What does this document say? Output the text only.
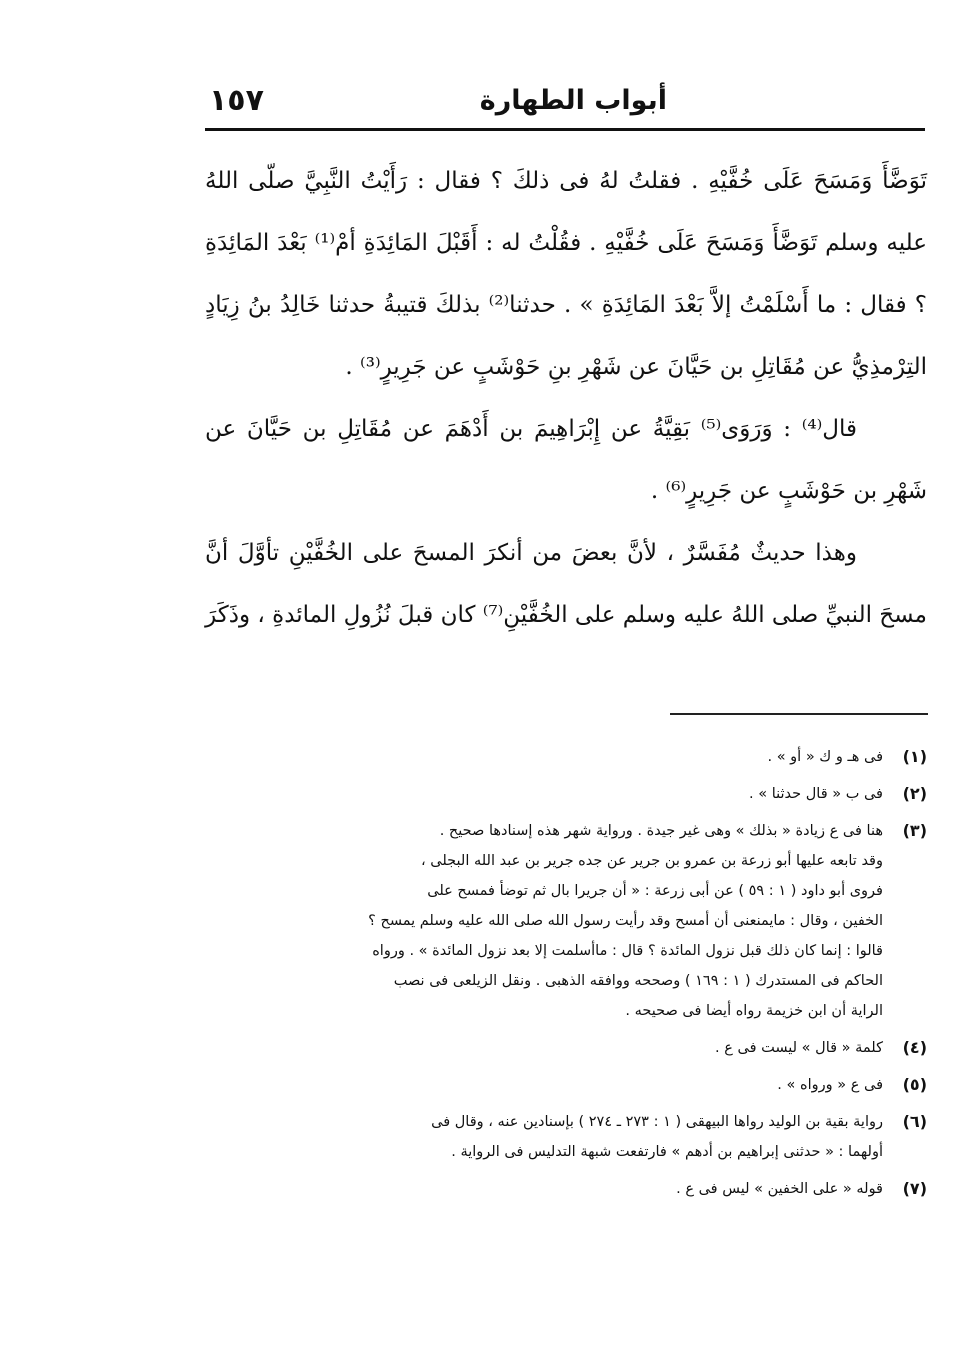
أبواب الطهارة
١٥٧

تَوَضَّأَ وَمَسَحَ عَلَى خُفَّيْهِ . فقلتُ لهُ فى ذلكَ ؟ فقال : رَأَيْتُ النَّبِيَّ صلّى اللهُ عليه وسلم تَوَضَّأَ وَمَسَحَ عَلَى خُفَّيْهِ . فقُلْتُ له : أَقَبْلَ المَائِدَةِ أمْ⁽¹⁾ بَعْدَ المَائِدَةِ ؟ فقال : ما أَسْلَمْتُ إلاَّ بَعْدَ المَائِدَةِ » . حدثنا⁽²⁾ بذلكَ قتيبةُ حدثنا خَالِدُ بنُ زِيَادٍ التِرْمذِيُّ عن مُقَاتِلِ بن حَيَّانَ عن شَهْرِ بنِ حَوْشَبٍ عن جَرِيرٍ⁽³⁾ .

قال⁽⁴⁾ : وَرَوَى⁽⁵⁾ بَقِيَّةُ عن إِبْرَاهِيمَ بن أَدْهَمَ عن مُقَاتِلِ بن حَيَّانَ عن شَهْرِ بن حَوْشَبٍ عن جَرِيرٍ⁽⁶⁾ .

وهذا حديثٌ مُفَسَّرٌ ، لأنَّ بعضَ من أنكرَ المسحَ على الخُفَّيْنِ تأوَّلَ أنَّ مسحَ النبيِّ صلى اللهُ عليه وسلم على الخُفَّيْنِ⁽⁷⁾ كان قبلَ نُزُولِ المائدةِ ، وذَكَرَ

(١)
فى هـ و ك « أو » .
(٢)
فى ب « قال حدثنا » .
(٣)
هنا فى ع زيادة « بذلك » وهى غير جيدة . ورواية شهر هذه إسنادها صحيح .
وقد تابعه عليها أبو زرعة بن عمرو بن جرير عن جده جرير بن عبد الله البجلى ،
فروى أبو داود ( ١ : ٥٩ ) عن أبى زرعة : « أن جريرا بال ثم توضأ فمسح على
الخفين ، وقال : مايمنعنى أن أمسح وقد رأيت رسول الله صلى الله عليه وسلم يمسح ؟
قالوا : إنما كان ذلك قبل نزول المائدة ؟ قال : ماأسلمت إلا بعد نزول المائدة » . ورواه
الحاكم فى المستدرك ( ١ : ١٦٩ ) وصححه ووافقه الذهبى . ونقل الزيلعى فى نصب
الراية أن ابن خزيمة رواه أيضا فى صحيحه .
(٤)
كلمة « قال » ليست فى ع .
(٥)
فى ع « ورواه » .
(٦)
رواية بقية بن الوليد رواها البيهقى ( ١ : ٢٧٣ ـ ٢٧٤ ) بإسنادين عنه ، وقال فى
أولهما : « حدثنى إبراهيم بن أدهم » فارتفعت شبهة التدليس فى الرواية .
(٧)
قوله « على الخفين » ليس فى ع .
